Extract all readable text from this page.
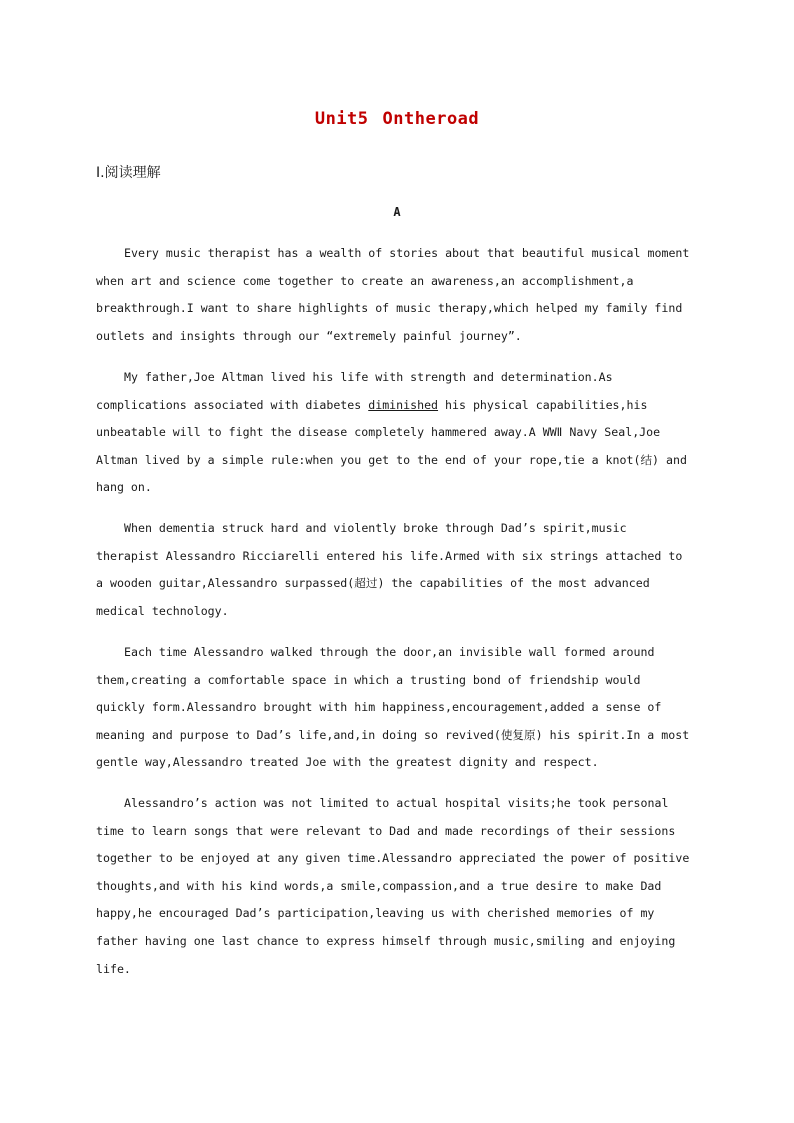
Unit5 Ontheroad
Ⅰ.阅读理解
A

Every music therapist has a wealth of stories about that beautiful musical moment when art and science come together to create an awareness,an accomplishment,a breakthrough.I want to share highlights of music therapy,which helped my family find outlets and insights through our “extremely painful journey”.

My father,Joe Altman lived his life with strength and determination.As complications associated with diabetes diminished his physical capabilities,his unbeatable will to fight the disease completely hammered away.A WWⅡ Navy Seal,Joe Altman lived by a simple rule:when you get to the end of your rope,tie a knot(结) and hang on.

When dementia struck hard and violently broke through Dad’s spirit,music therapist Alessandro Ricciarelli entered his life.Armed with six strings attached to a wooden guitar,Alessandro surpassed(超过) the capabilities of the most advanced medical technology.

Each time Alessandro walked through the door,an invisible wall formed around them,creating a comfortable space in which a trusting bond of friendship would quickly form.Alessandro brought with him happiness,encouragement,added a sense of meaning and purpose to Dad’s life,and,in doing so revived(使复原) his spirit.In a most gentle way,Alessandro treated Joe with the greatest dignity and respect.

Alessandro’s action was not limited to actual hospital visits;he took personal time to learn songs that were relevant to Dad and made recordings of their sessions together to be enjoyed at any given time.Alessandro appreciated the power of positive thoughts,and with his kind words,a smile,compassion,and a true desire to make Dad happy,he encouraged Dad’s participation,leaving us with cherished memories of my father having one last chance to express himself through music,smiling and enjoying life.
